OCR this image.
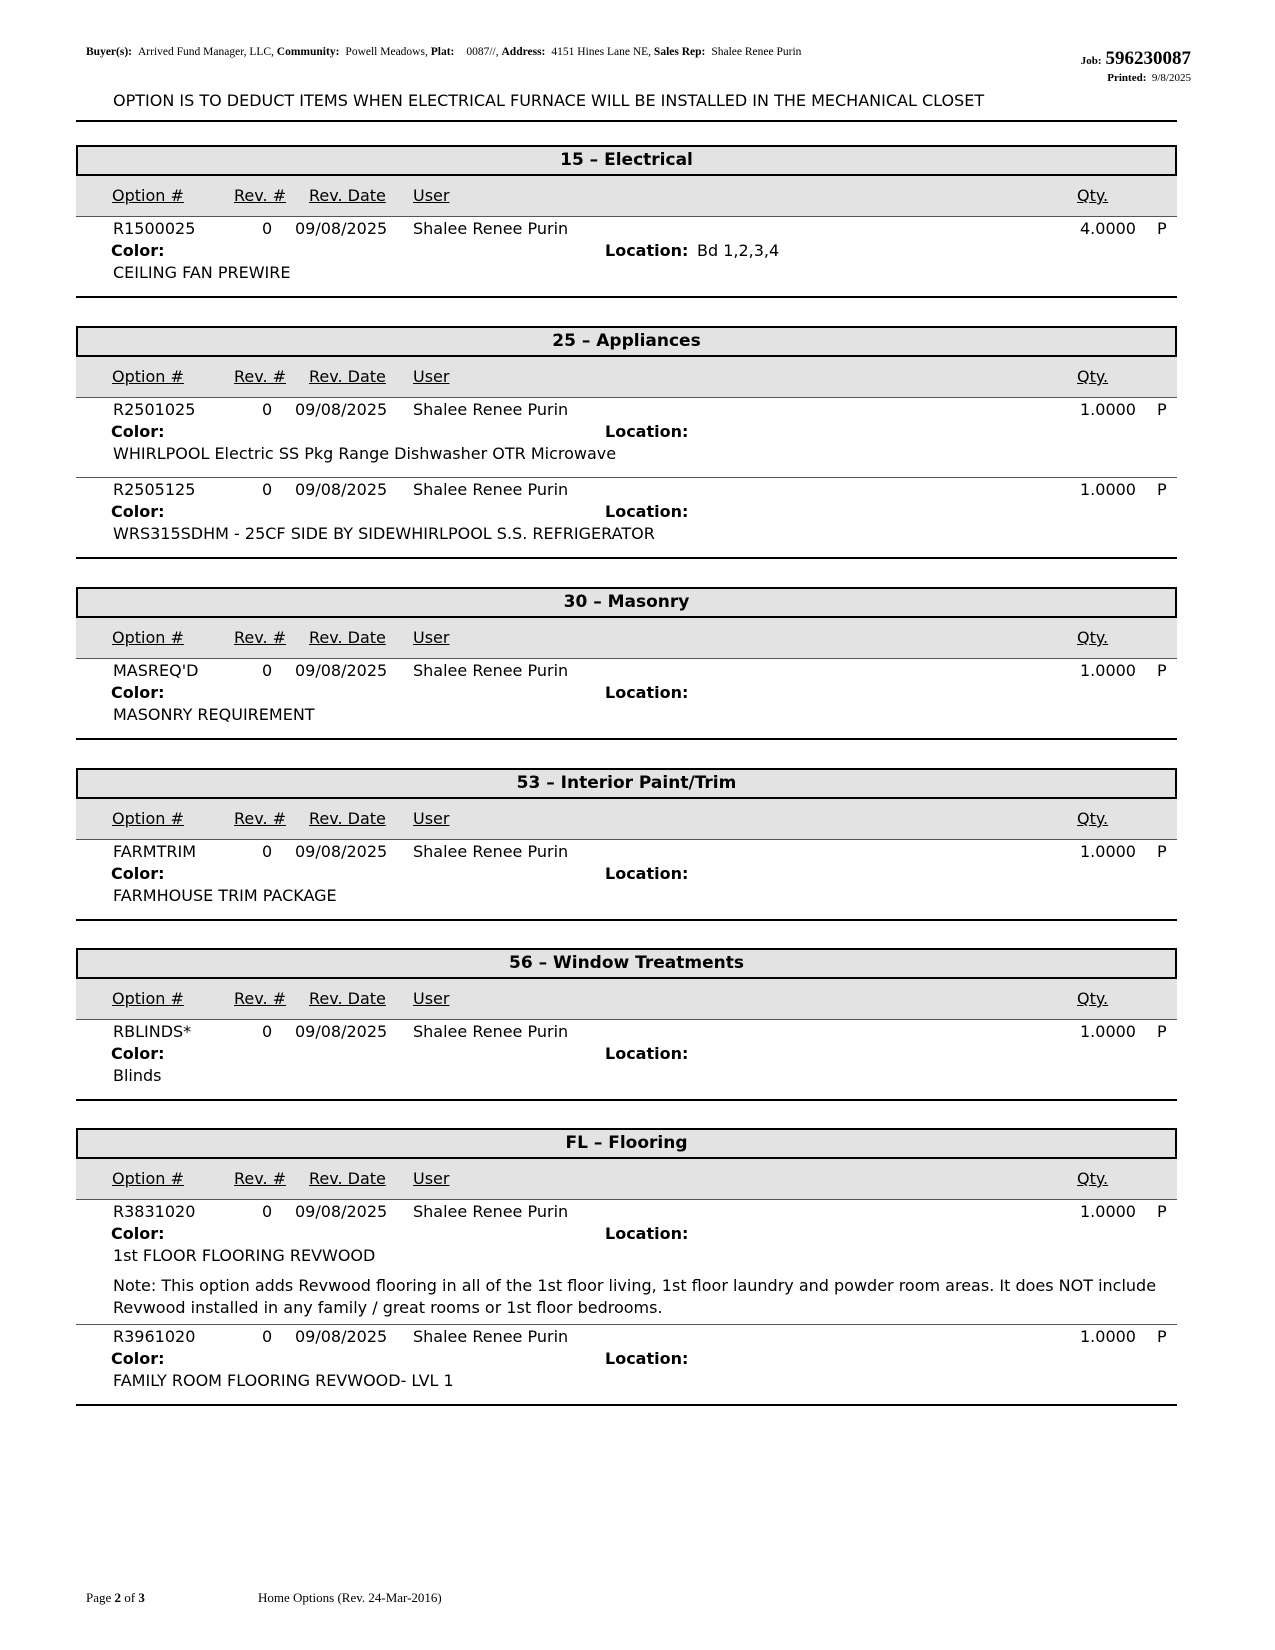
Buyer(s): Arrived Fund Manager, LLC, Community: Powell Meadows, Plat: 0087//, Address: 4151 Hines Lane NE, Sales Rep: Shalee Renee Purin
Job: 596230087
Printed: 9/8/2025
OPTION IS TO DEDUCT ITEMS WHEN ELECTRICAL FURNACE WILL BE INSTALLED IN THE MECHANICAL CLOSET
15 – Electrical
Option #	Rev. # Rev. Date User	Qty.
R1500025	0 09/08/2025 Shalee Renee Purin	4.0000 P
Color:	Location: Bd 1,2,3,4
CEILING FAN PREWIRE
25 – Appliances
Option #	Rev. # Rev. Date User	Qty.
R2501025	0 09/08/2025 Shalee Renee Purin	1.0000 P
Color:	Location:
WHIRLPOOL Electric SS Pkg Range Dishwasher OTR Microwave
R2505125	0 09/08/2025 Shalee Renee Purin	1.0000 P
Color:	Location:
WRS315SDHM - 25CF SIDE BY SIDEWHIRLPOOL S.S. REFRIGERATOR
30 – Masonry
Option #	Rev. # Rev. Date User	Qty.
MASREQ'D	0 09/08/2025 Shalee Renee Purin	1.0000 P
Color:	Location:
MASONRY REQUIREMENT
53 – Interior Paint/Trim
Option #	Rev. # Rev. Date User	Qty.
FARMTRIM	0 09/08/2025 Shalee Renee Purin	1.0000 P
Color:	Location:
FARMHOUSE TRIM PACKAGE
56 – Window Treatments
Option #	Rev. # Rev. Date User	Qty.
RBLINDS*	0 09/08/2025 Shalee Renee Purin	1.0000 P
Color:	Location:
Blinds
FL – Flooring
Option #	Rev. # Rev. Date User	Qty.
R3831020	0 09/08/2025 Shalee Renee Purin	1.0000 P
Color:	Location:
1st FLOOR FLOORING REVWOOD
Note: This option adds Revwood flooring in all of the 1st floor living, 1st floor laundry and powder room areas. It does NOT include
Revwood installed in any family / great rooms or 1st floor bedrooms.
R3961020	0 09/08/2025 Shalee Renee Purin	1.0000 P
Color:	Location:
FAMILY ROOM FLOORING REVWOOD- LVL 1
Page 2 of 3	Home Options (Rev. 24-Mar-2016)
